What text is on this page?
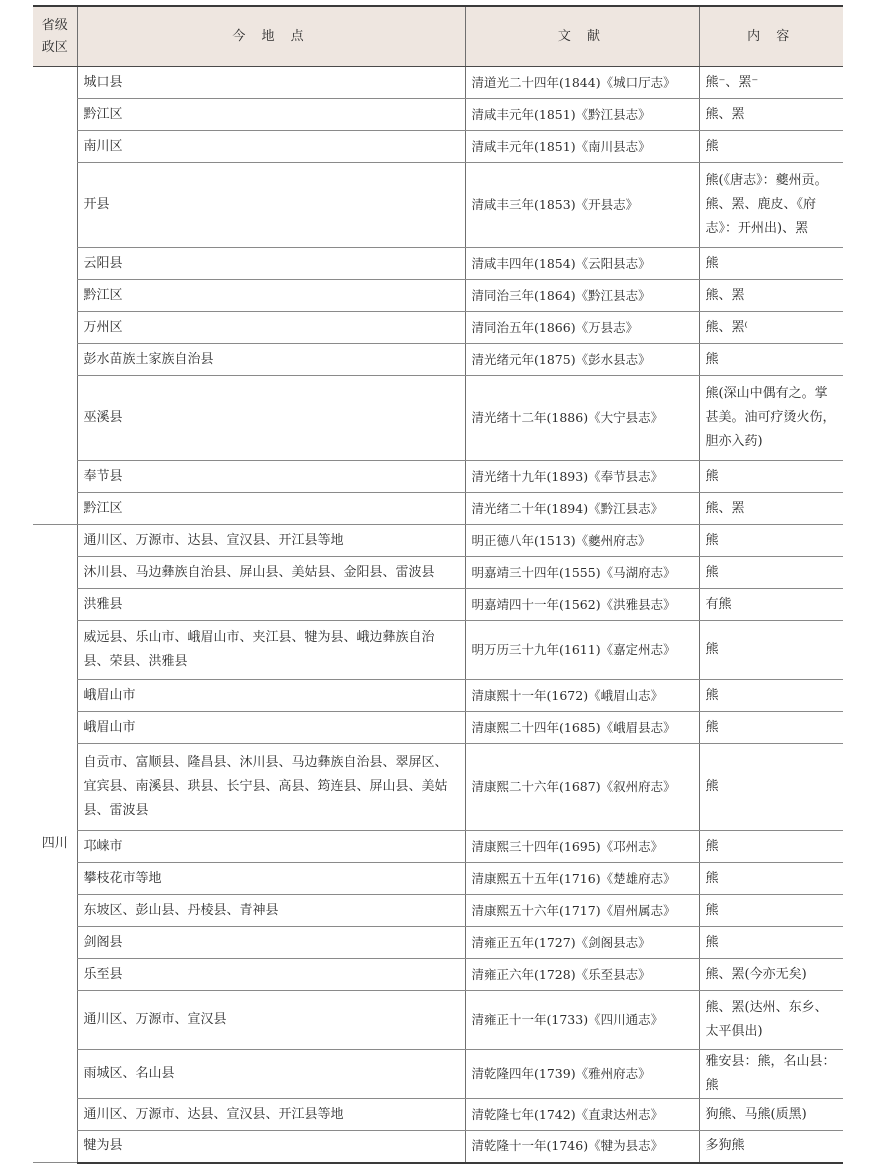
省级
政区	今 地 点	文 献	内 容
	城口县	清道光二十四年(1844)《城口厅志》	熊⁻、罴⁻
	黔江区	清咸丰元年(1851)《黔江县志》	熊、罴
	南川区	清咸丰元年(1851)《南川县志》	熊
	开县	清咸丰三年(1853)《开县志》	熊(《唐志》：夔州贡。熊、罴、鹿皮、《府志》：开州出)、罴
	云阳县	清咸丰四年(1854)《云阳县志》	熊
	黔江区	清同治三年(1864)《黔江县志》	熊、罴
	万州区	清同治五年(1866)《万县志》	熊、罴⁽
	彭水苗族土家族自治县	清光绪元年(1875)《彭水县志》	熊
	巫溪县	清光绪十二年(1886)《大宁县志》	熊(深山中偶有之。掌甚美。油可疗烫火伤，胆亦入药)
	奉节县	清光绪十九年(1893)《奉节县志》	熊
	黔江区	清光绪二十年(1894)《黔江县志》	熊、罴
四川	通川区、万源市、达县、宣汉县、开江县等地	明正德八年(1513)《夔州府志》	熊
	沐川县、马边彝族自治县、屏山县、美姑县、金阳县、雷波县	明嘉靖三十四年(1555)《马湖府志》	熊
	洪雅县	明嘉靖四十一年(1562)《洪雅县志》	有熊
	威远县、乐山市、峨眉山市、夹江县、犍为县、峨边彝族自治县、荣县、洪雅县	明万历三十九年(1611)《嘉定州志》	熊
	峨眉山市	清康熙十一年(1672)《峨眉山志》	熊
	峨眉山市	清康熙二十四年(1685)《峨眉县志》	熊
	自贡市、富顺县、隆昌县、沐川县、马边彝族自治县、翠屏区、宜宾县、南溪县、珙县、长宁县、高县、筠连县、屏山县、美姑县、雷波县	清康熙二十六年(1687)《叙州府志》	熊
	邛崃市	清康熙三十四年(1695)《邛州志》	熊
	攀枝花市等地	清康熙五十五年(1716)《楚雄府志》	熊
	东坡区、彭山县、丹棱县、青神县	清康熙五十六年(1717)《眉州属志》	熊
	剑阁县	清雍正五年(1727)《剑阁县志》	熊
	乐至县	清雍正六年(1728)《乐至县志》	熊、罴(今亦无矣)
	通川区、万源市、宣汉县	清雍正十一年(1733)《四川通志》	熊、罴(达州、东乡、太平俱出)
	雨城区、名山县	清乾隆四年(1739)《雅州府志》	雅安县：熊，名山县：熊
	通川区、万源市、达县、宣汉县、开江县等地	清乾隆七年(1742)《直隶达州志》	狗熊、马熊(质黑)
	犍为县	清乾隆十一年(1746)《犍为县志》	多狗熊
